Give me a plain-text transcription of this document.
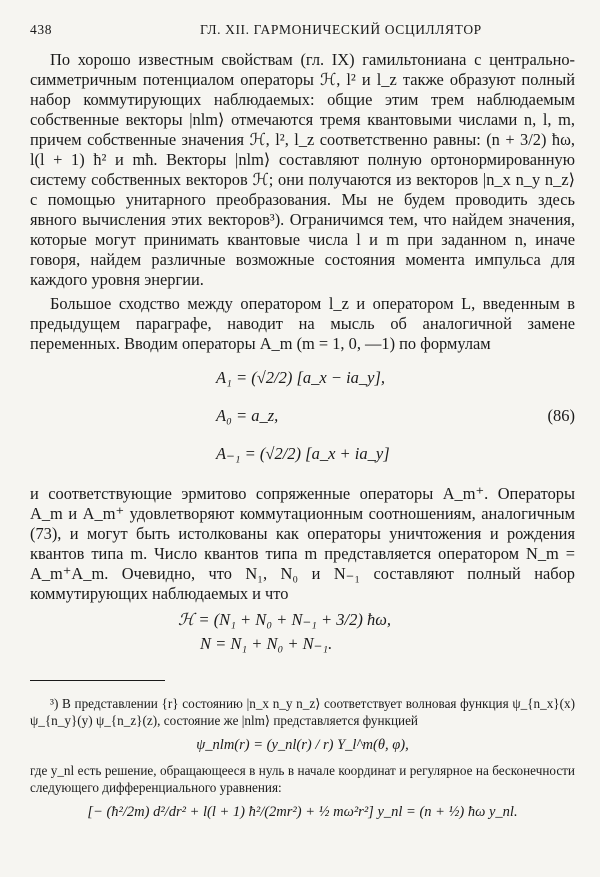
438	ГЛ. XII. ГАРМОНИЧЕСКИЙ ОСЦИЛЛЯТОР

По хорошо известным свойствам (гл. IX) гамильтониана с центрально-симметричным потенциалом операторы ℋ, l² и l_z также образуют полный набор коммутирующих наблюдаемых: общие этим трем наблюдаемым собственные векторы |nlm⟩ отмечаются тремя квантовыми числами n, l, m, причем собственные значения ℋ, l², l_z соответственно равны: (n + 3/2) ħω, l(l + 1) ħ² и mħ. Векторы |nlm⟩ составляют полную ортонормированную систему собственных векторов ℋ; они получаются из векторов |n_x n_y n_z⟩ с помощью унитарного преобразования. Мы не будем проводить здесь явного вычисления этих векторов³). Ограничимся тем, что найдем значения, которые могут принимать квантовые числа l и m при заданном n, иначе говоря, найдем различные возможные состояния момента импульса для каждого уровня энергии.

Большое сходство между оператором l_z и оператором L, введенным в предыдущем параграфе, наводит на мысль об аналогичной замене переменных. Вводим операторы A_m (m = 1, 0, —1) по формулам

A₁ = (√2/2) [a_x − ia_y],
A₀ = a_z,
A₋₁ = (√2/2) [a_x + ia_y]
(86)

и соответствующие эрмитово сопряженные операторы A_m⁺. Операторы A_m и A_m⁺ удовлетворяют коммутационным соотношениям, аналогичным (73), и могут быть истолкованы как операторы уничтожения и рождения квантов типа m. Число квантов типа m представляется оператором N_m = A_m⁺A_m. Очевидно, что N₁, N₀ и N₋₁ составляют полный набор коммутирующих наблюдаемых и что

ℋ = (N₁ + N₀ + N₋₁ + 3/2) ħω,
N = N₁ + N₀ + N₋₁.

³) В представлении {r} состоянию |n_x n_y n_z⟩ соответствует волновая функция ψ_{n_x}(x) ψ_{n_y}(y) ψ_{n_z}(z), состояние же |nlm⟩ представляется функцией

ψ_nlm(r) = (y_nl(r) / r) Y_l^m(θ, φ),

где y_nl есть решение, обращающееся в нуль в начале координат и регулярное на бесконечности следующего дифференциального уравнения:

[− (ħ²/2m) d²/dr² + l(l + 1) ħ²/(2mr²) + ½ mω²r²] y_nl = (n + ½) ħω y_nl.
